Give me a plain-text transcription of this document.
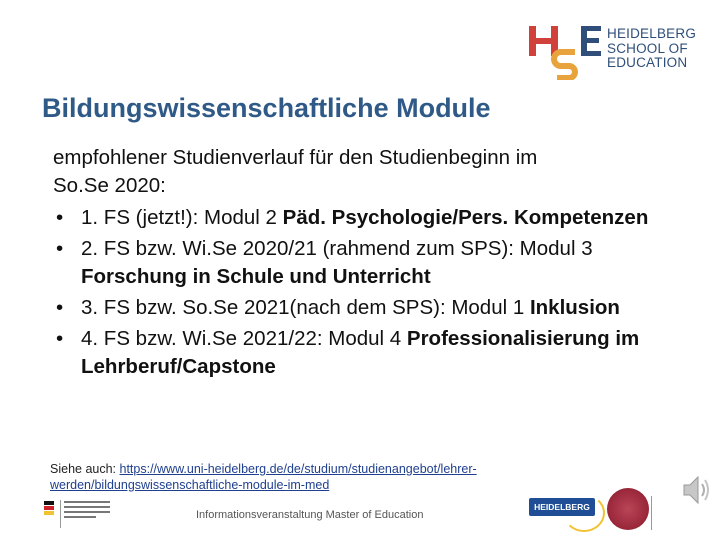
HEIDELBERG
SCHOOL OF
EDUCATION
Bildungswissenschaftliche Module

empfohlener Studienverlauf für den Studienbeginn im
So.Se 2020:

• 1. FS (jetzt!): Modul 2 Päd. Psychologie/Pers. Kompetenzen
• 2. FS bzw. Wi.Se 2020/21 (rahmend zum SPS): Modul 3 Forschung in Schule und Unterricht
• 3. FS bzw. So.Se 2021(nach dem SPS): Modul 1 Inklusion
• 4. FS bzw. Wi.Se 2021/22: Modul 4 Professionalisierung im Lehrberuf/Capstone
Siehe auch: https://www.uni-heidelberg.de/de/studium/studienangebot/lehrer-werden/bildungswissenschaftliche-module-im-med
Informationsveranstaltung Master of Education
HEIDELBERG
